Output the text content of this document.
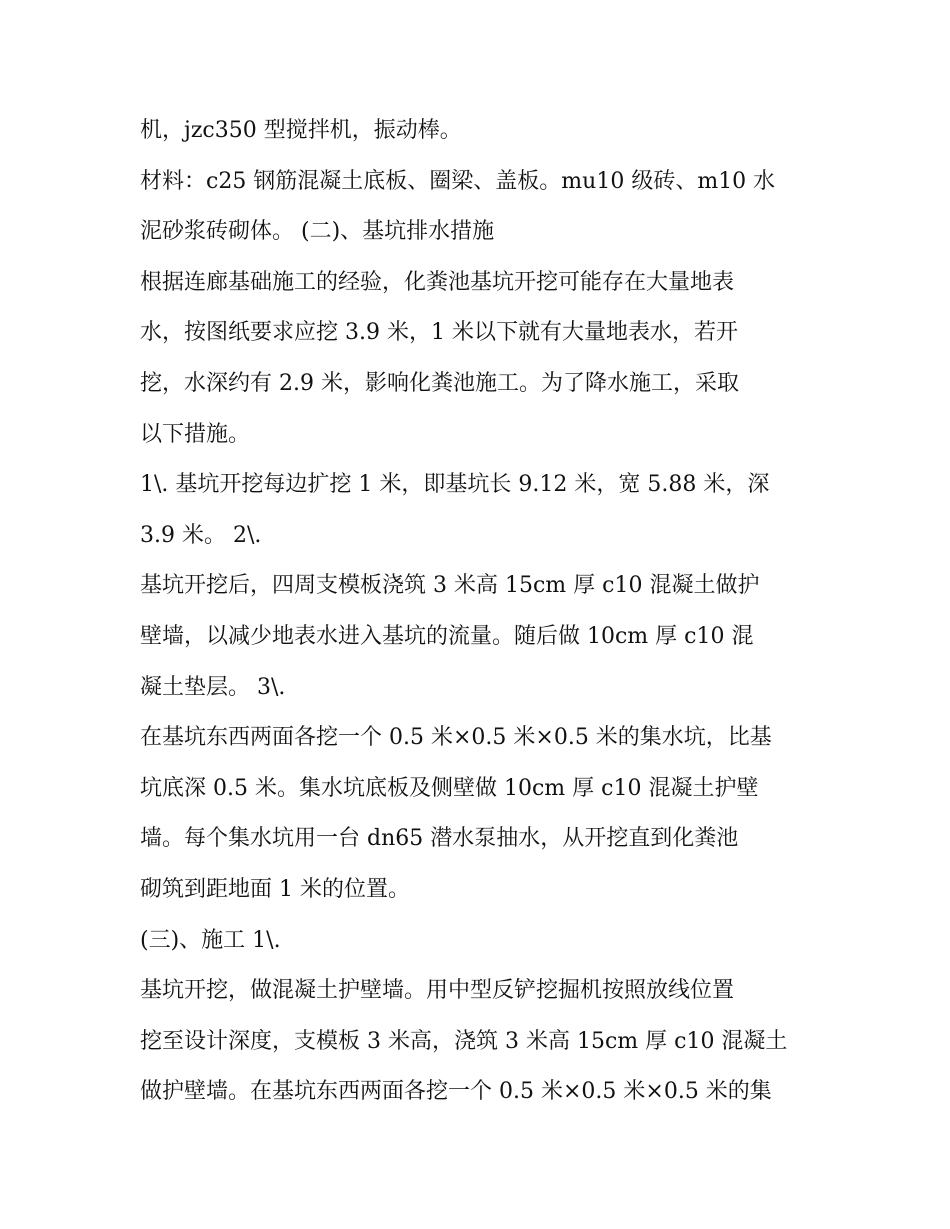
机，jzc350 型搅拌机，振动棒。
材料：c25 钢筋混凝土底板、圈梁、盖板。mu10 级砖、m10 水
泥砂浆砖砌体。 (二)、基坑排水措施
根据连廊基础施工的经验，化粪池基坑开挖可能存在大量地表
水，按图纸要求应挖 3.9 米，1 米以下就有大量地表水，若开
挖，水深约有 2.9 米，影响化粪池施工。为了降水施工，采取
以下措施。
1\. 基坑开挖每边扩挖 1 米，即基坑长 9.12 米，宽 5.88 米，深
3.9 米。 2\.
基坑开挖后，四周支模板浇筑 3 米高 15cm 厚 c10 混凝土做护
壁墙，以减少地表水进入基坑的流量。随后做 10cm 厚 c10 混
凝土垫层。 3\.
在基坑东西两面各挖一个 0.5 米×0.5 米×0.5 米的集水坑，比基
坑底深 0.5 米。集水坑底板及侧壁做 10cm 厚 c10 混凝土护壁
墙。每个集水坑用一台 dn65 潜水泵抽水，从开挖直到化粪池
砌筑到距地面 1 米的位置。
(三)、施工 1\.
基坑开挖，做混凝土护壁墙。用中型反铲挖掘机按照放线位置
挖至设计深度，支模板 3 米高，浇筑 3 米高 15cm 厚 c10 混凝土
做护壁墙。在基坑东西两面各挖一个 0.5 米×0.5 米×0.5 米的集
